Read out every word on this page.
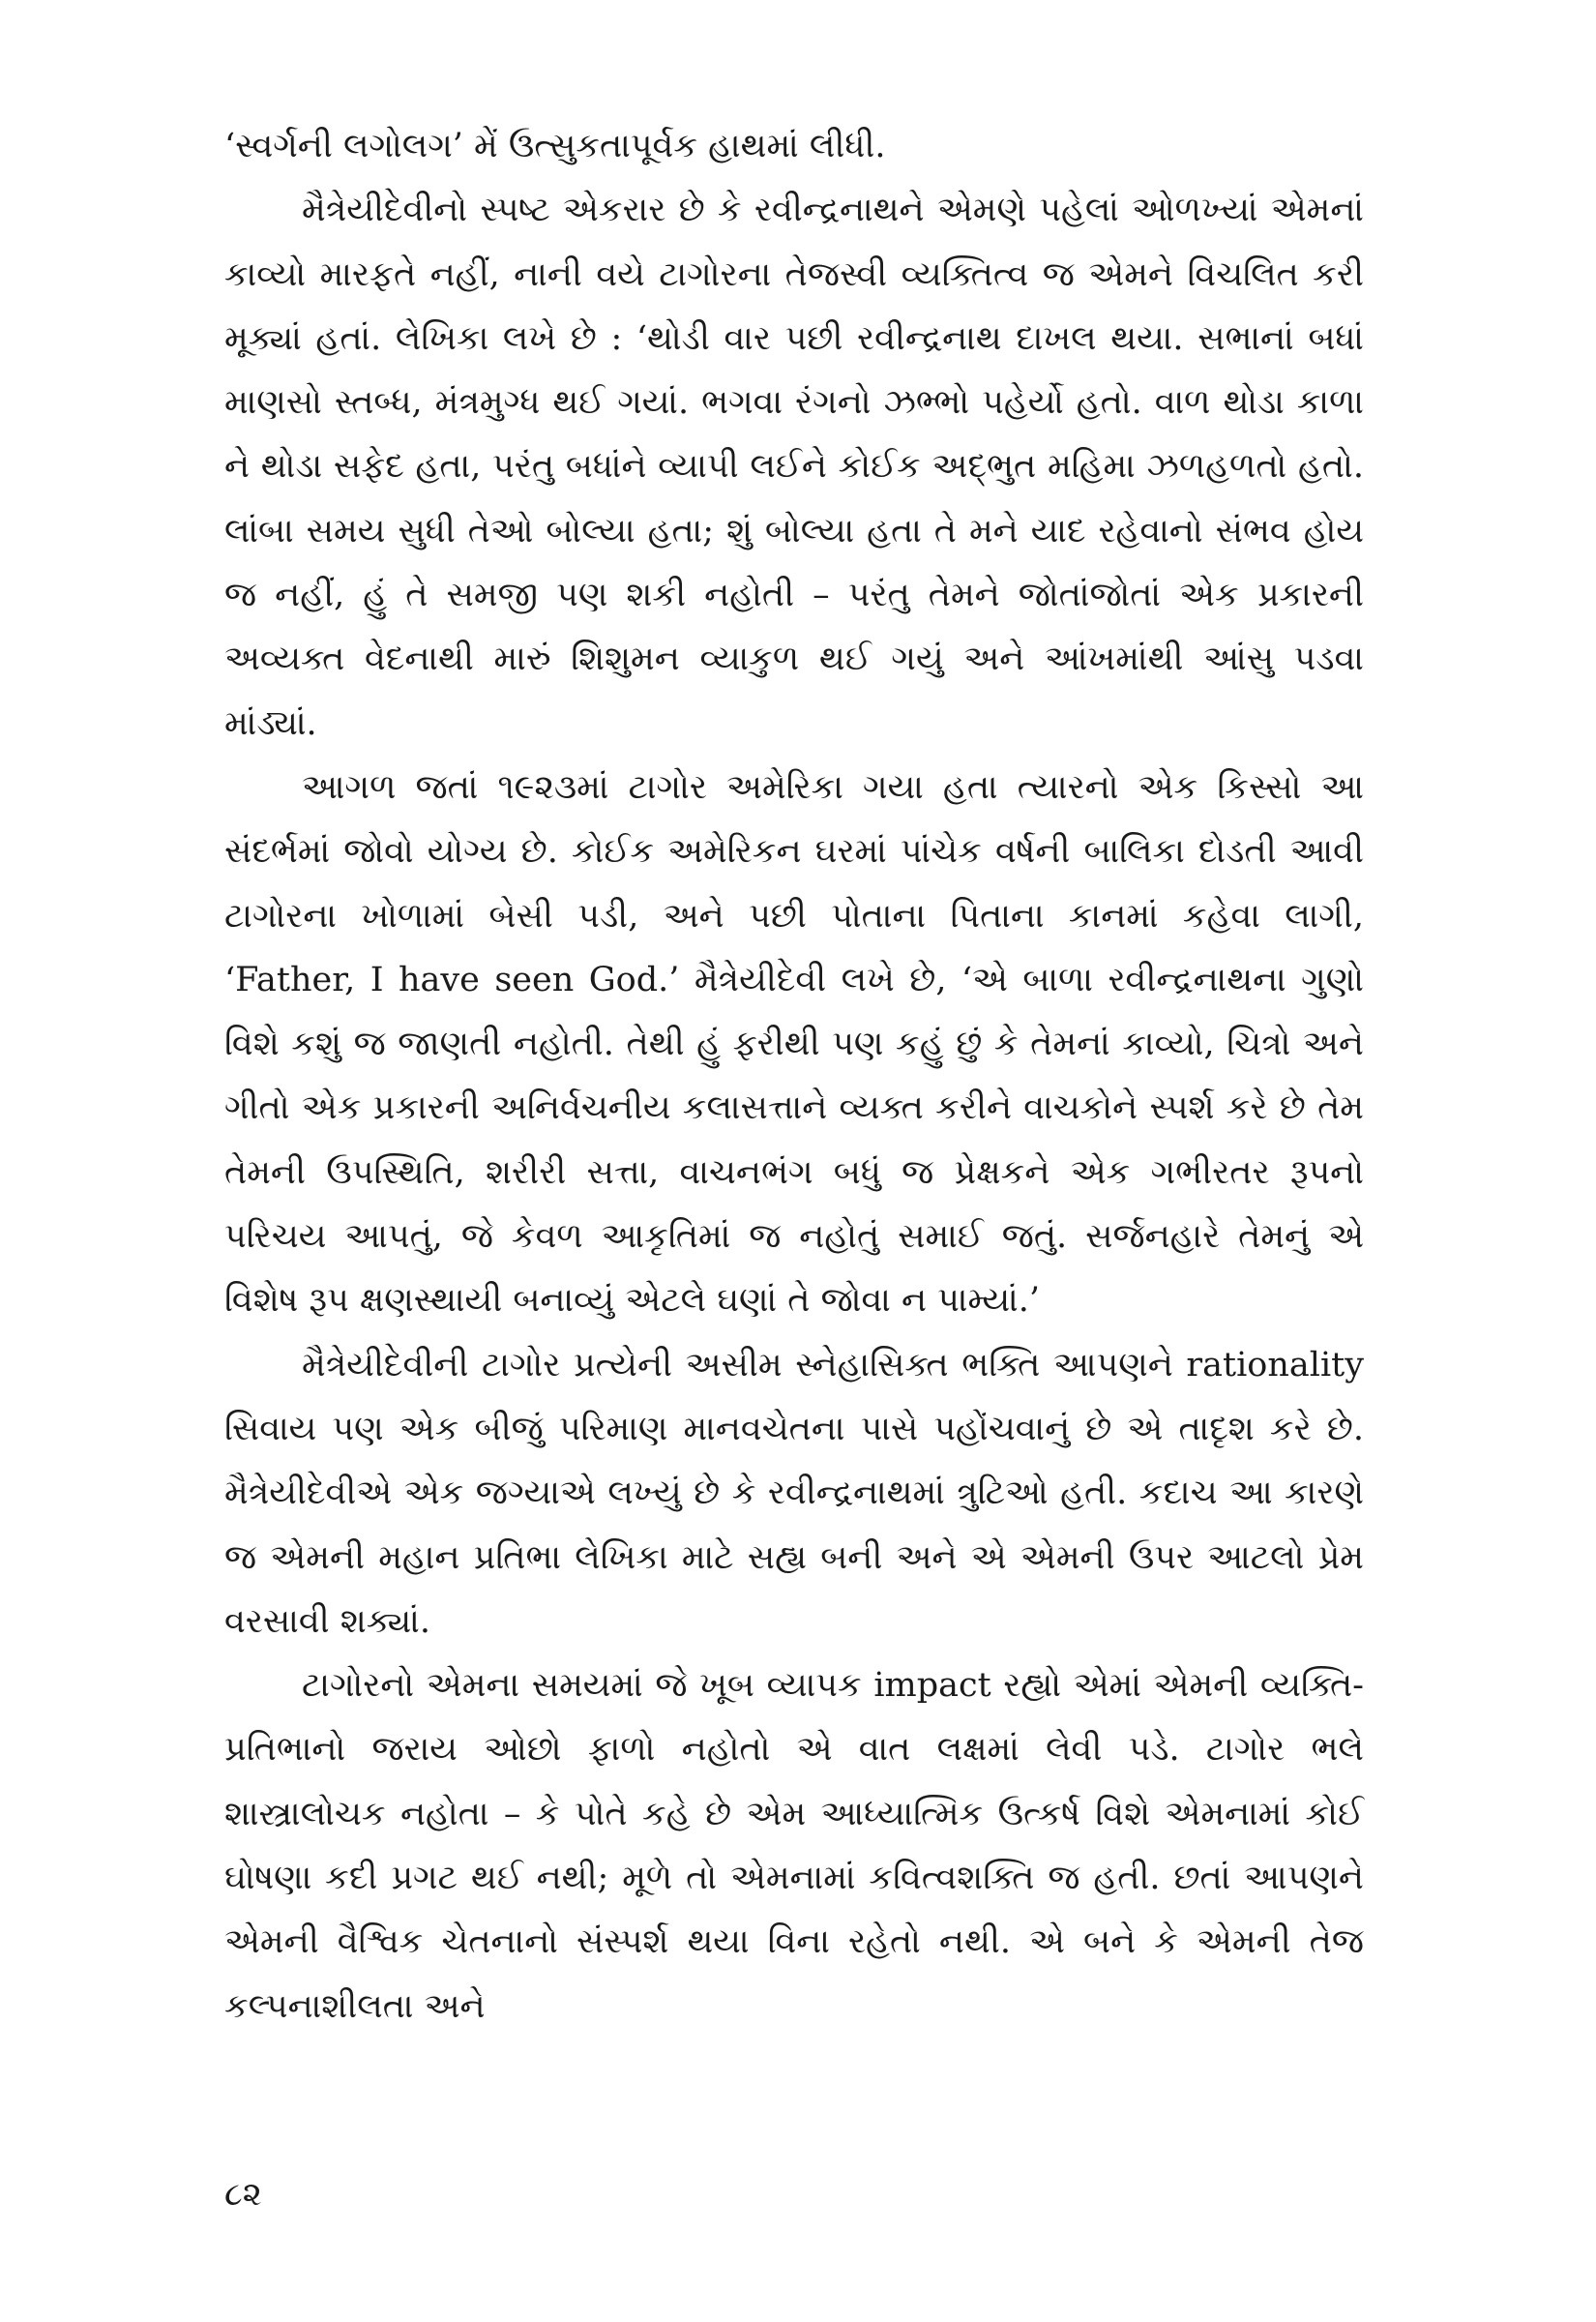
‘સ્વર્ગની લગોલગ’ મેં ઉત્સુકતાપૂર્વક હાથમાં લીધી.

મૈત્રેયીદેવીનો સ્પષ્ટ એકરાર છે કે રવીન્દ્રનાથને એમણે પહેલાં ઓળખ્યાં એમનાં કાવ્યો મારફતે નહીં, નાની વયે ટાગોરના તેજસ્વી વ્યક્તિત્વ જ એમને વિચલિત કરી મૂક્યાં હતાં. લેખિકા લખે છે : ‘થોડી વાર પછી રવીન્દ્રનાથ દાખલ થયા. સભાનાં બધાં માણસો સ્તબ્ધ, મંત્રમુગ્ધ થઈ ગયાં. ભગવા રંગનો ઝભ્ભો પહેર્યો હતો. વાળ થોડા કાળા ને થોડા સફેદ હતા, પરંતુ બધાંને વ્યાપી લઈને કોઈક અદ્‌ભુત મહિમા ઝળહળતો હતો. લાંબા સમય સુધી તેઓ બોલ્યા હતા; શું બોલ્યા હતા તે મને યાદ રહેવાનો સંભવ હોય જ નહીં, હું તે સમજી પણ શકી નહોતી – પરંતુ તેમને જોતાંજોતાં એક પ્રકારની અવ્યક્ત વેદનાથી મારું શિશુમન વ્યાકુળ થઈ ગયું અને આંખમાંથી આંસુ પડવા માંડ્યાં.

આગળ જતાં ૧૯૨૩માં ટાગોર અમેરિકા ગયા હતા ત્યારનો એક કિસ્સો આ સંદર્ભમાં જોવો યોગ્ય છે. કોઈક અમેરિકન ઘરમાં પાંચેક વર્ષની બાલિકા દોડતી આવી ટાગોરના ખોળામાં બેસી પડી, અને પછી પોતાના પિતાના કાનમાં કહેવા લાગી, ‘Father, I have seen God.’ મૈત્રેયીદેવી લખે છે, ‘એ બાળા રવીન્દ્રનાથના ગુણો વિશે કશું જ જાણતી નહોતી. તેથી હું ફરીથી પણ કહું છું કે તેમનાં કાવ્યો, ચિત્રો અને ગીતો એક પ્રકારની અનિર્વચનીય કલાસત્તાને વ્યક્ત કરીને વાચકોને સ્પર્શ કરે છે તેમ તેમની ઉપસ્થિતિ, શરીરી સત્તા, વાચનભંગ બધું જ પ્રેક્ષકને એક ગભીરતર રૂપનો પરિચય આપતું, જે કેવળ આકૃતિમાં જ નહોતું સમાઈ જતું. સર્જનહારે તેમનું એ વિશેષ રૂપ ક્ષણસ્થાયી બનાવ્યું એટલે ઘણાં તે જોવા ન પામ્યાં.’

મૈત્રેયીદેવીની ટાગોર પ્રત્યેની અસીમ સ્નેહાસિક્ત ભક્તિ આપણને rationality સિવાય પણ એક બીજું પરિમાણ માનવચેતના પાસે પહોંચવાનું છે એ તાદૃશ કરે છે. મૈત્રેયીદેવીએ એક જગ્યાએ લખ્યું છે કે રવીન્દ્રનાથમાં ત્રુટિઓ હતી. કદાચ આ કારણે જ એમની મહાન પ્રતિભા લેખિકા માટે સહ્ય બની અને એ એમની ઉપર આટલો પ્રેમ વરસાવી શક્યાં.

ટાગોરનો એમના સમયમાં જે ખૂબ વ્યાપક impact રહ્યો એમાં એમની વ્યક્તિ-પ્રતિભાનો જરાય ઓછો ફાળો નહોતો એ વાત લક્ષમાં લેવી પડે. ટાગોર ભલે શાસ્ત્રાલોચક નહોતા – કે પોતે કહે છે એમ આધ્યાત્મિક ઉત્કર્ષ વિશે એમનામાં કોઈ ઘોષણા કદી પ્રગટ થઈ નથી; મૂળે તો એમનામાં કવિત્વશક્તિ જ હતી. છતાં આપણને એમની વૈશ્વિક ચેતનાનો સંસ્પર્શ થયા વિના રહેતો નથી. એ બને કે એમની તેજ કલ્પનાશીલતા અને

૮૨
